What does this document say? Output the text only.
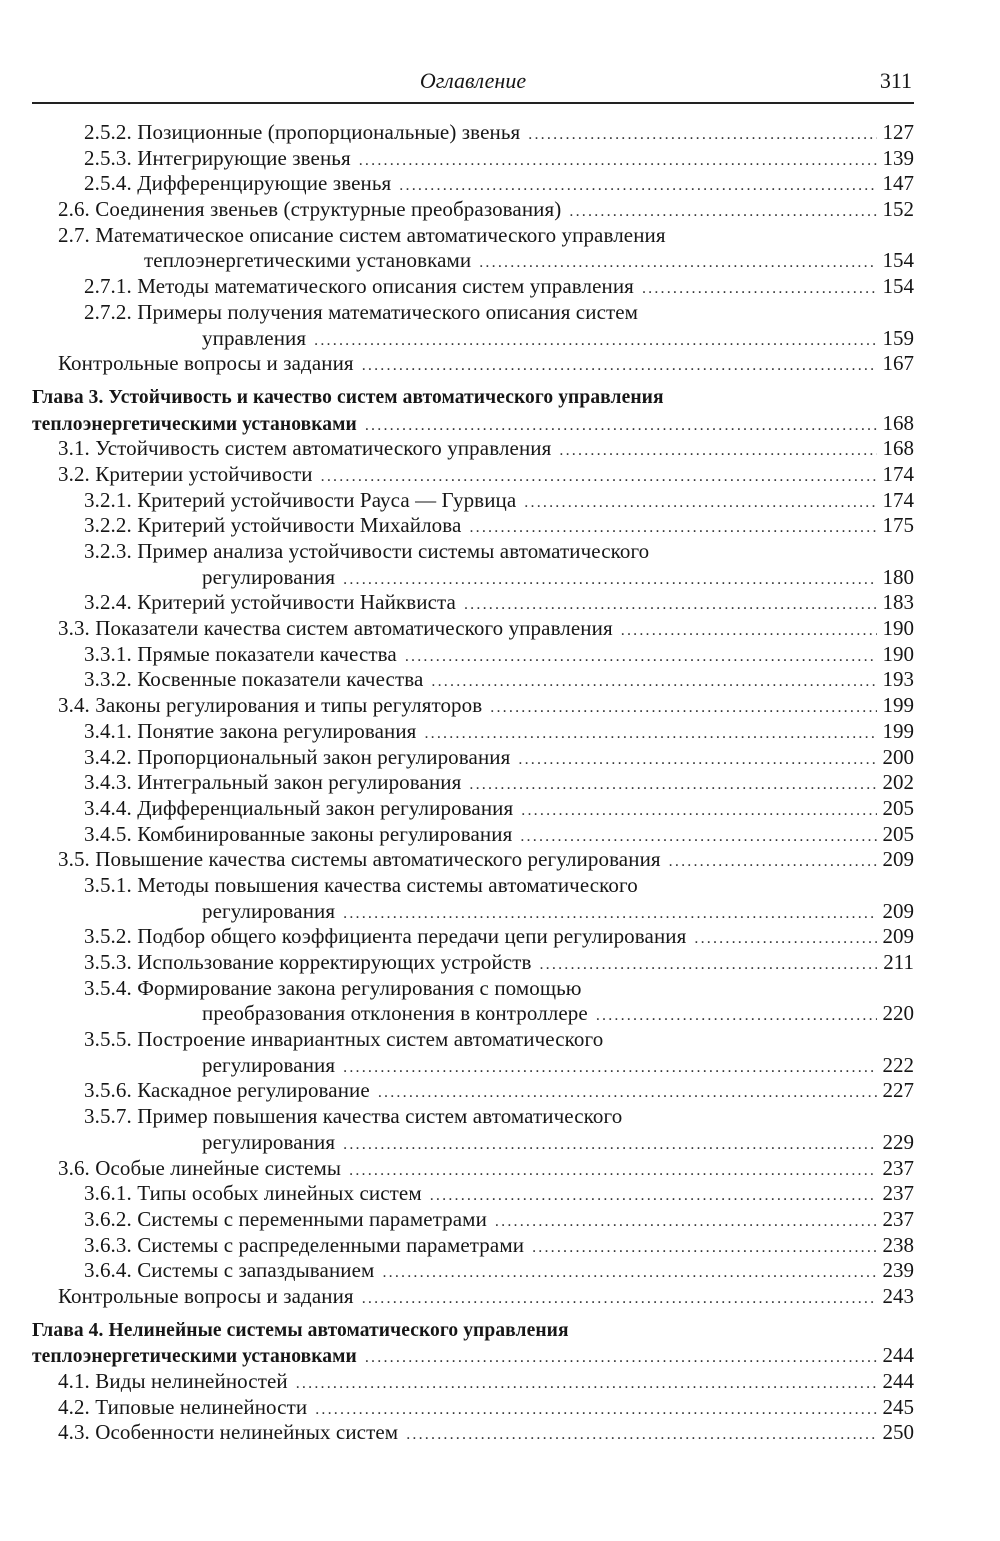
Оглавление	311
2.5.2. Позиционные (пропорциональные) звенья .....	127
2.5.3. Интегрирующие звенья .....	139
2.5.4. Дифференцирующие звенья .....	147
2.6. Соединения звеньев (структурные преобразования) .....	152
2.7. Математическое описание систем автоматического управления
теплоэнергетическими установками .....	154
2.7.1. Методы математического описания систем управления .....	154
2.7.2. Примеры получения математического описания систем
управления .....	159
Контрольные вопросы и задания .....	167
Глава 3. Устойчивость и качество систем автоматического управления
теплоэнергетическими установками .....	168
3.1. Устойчивость систем автоматического управления .....	168
3.2. Критерии устойчивости .....	174
3.2.1. Критерий устойчивости Рауса — Гурвица .....	174
3.2.2. Критерий устойчивости Михайлова .....	175
3.2.3. Пример анализа устойчивости системы автоматического
регулирования .....	180
3.2.4. Критерий устойчивости Найквиста .....	183
3.3. Показатели качества систем автоматического управления .....	190
3.3.1. Прямые показатели качества .....	190
3.3.2. Косвенные показатели качества .....	193
3.4. Законы регулирования и типы регуляторов .....	199
3.4.1. Понятие закона регулирования .....	199
3.4.2. Пропорциональный закон регулирования .....	200
3.4.3. Интегральный закон регулирования .....	202
3.4.4. Дифференциальный закон регулирования .....	205
3.4.5. Комбинированные законы регулирования .....	205
3.5. Повышение качества системы автоматического регулирования .....	209
3.5.1. Методы повышения качества системы автоматического
регулирования .....	209
3.5.2. Подбор общего коэффициента передачи цепи регулирования .....	209
3.5.3. Использование корректирующих устройств .....	211
3.5.4. Формирование закона регулирования с помощью
преобразования отклонения в контроллере .....	220
3.5.5. Построение инвариантных систем автоматического
регулирования .....	222
3.5.6. Каскадное регулирование .....	227
3.5.7. Пример повышения качества систем автоматического
регулирования .....	229
3.6. Особые линейные системы .....	237
3.6.1. Типы особых линейных систем .....	237
3.6.2. Системы с переменными параметрами .....	237
3.6.3. Системы с распределенными параметрами .....	238
3.6.4. Системы с запаздыванием .....	239
Контрольные вопросы и задания .....	243
Глава 4. Нелинейные системы автоматического управления
теплоэнергетическими установками .....	244
4.1. Виды нелинейностей .....	244
4.2. Типовые нелинейности .....	245
4.3. Особенности нелинейных систем .....	250
